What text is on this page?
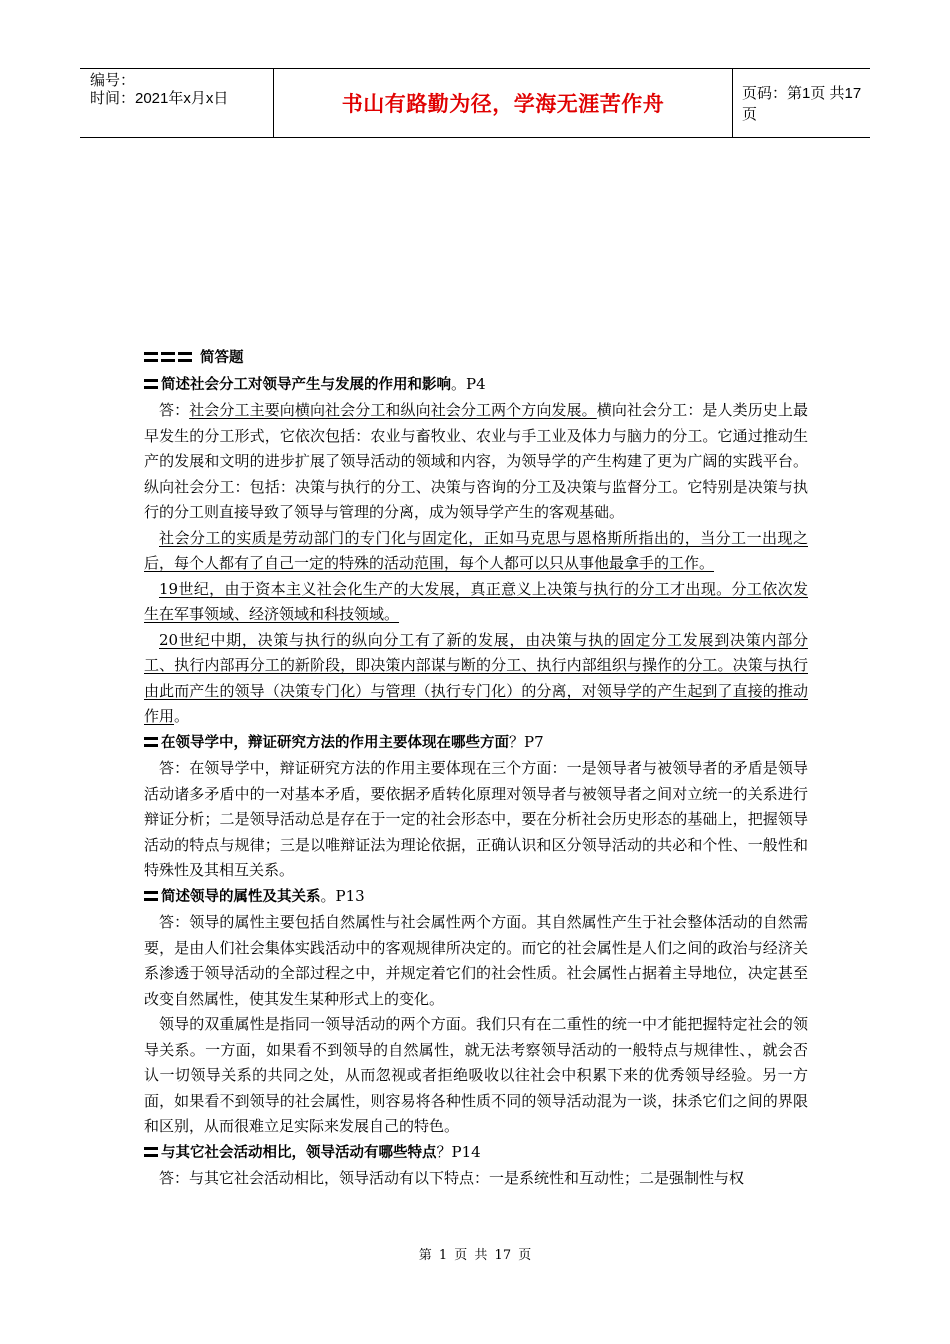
编号：
时间：2021年x月x日	书山有路勤为径，学海无涯苦作舟	页码：第1页 共17页

简答题

简述社会分工对领导产生与发展的作用和影响。P4

答：社会分工主要向横向社会分工和纵向社会分工两个方向发展。横向社会分工：是人类历史上最早发生的分工形式，它依次包括：农业与畜牧业、农业与手工业及体力与脑力的分工。它通过推动生产的发展和文明的进步扩展了领导活动的领域和内容，为领导学的产生构建了更为广阔的实践平台。纵向社会分工：包括：决策与执行的分工、决策与咨询的分工及决策与监督分工。它特别是决策与执行的分工则直接导致了领导与管理的分离，成为领导学产生的客观基础。

社会分工的实质是劳动部门的专门化与固定化，正如马克思与恩格斯所指出的，当分工一出现之后，每个人都有了自己一定的特殊的活动范围，每个人都可以只从事他最拿手的工作。

19世纪，由于资本主义社会化生产的大发展，真正意义上决策与执行的分工才出现。分工依次发生在军事领域、经济领域和科技领域。

20世纪中期，决策与执行的纵向分工有了新的发展，由决策与执的固定分工发展到决策内部分工、执行内部再分工的新阶段，即决策内部谋与断的分工、执行内部组织与操作的分工。决策与执行由此而产生的领导（决策专门化）与管理（执行专门化）的分离，对领导学的产生起到了直接的推动作用。

在领导学中，辩证研究方法的作用主要体现在哪些方面？P7

答：在领导学中，辩证研究方法的作用主要体现在三个方面：一是领导者与被领导者的矛盾是领导活动诸多矛盾中的一对基本矛盾，要依据矛盾转化原理对领导者与被领导者之间对立统一的关系进行辩证分析；二是领导活动总是存在于一定的社会形态中，要在分析社会历史形态的基础上，把握领导活动的特点与规律；三是以唯辩证法为理论依据，正确认识和区分领导活动的共必和个性、一般性和特殊性及其相互关系。

简述领导的属性及其关系。P13

答：领导的属性主要包括自然属性与社会属性两个方面。其自然属性产生于社会整体活动的自然需要，是由人们社会集体实践活动中的客观规律所决定的。而它的社会属性是人们之间的政治与经济关系渗透于领导活动的全部过程之中，并规定着它们的社会性质。社会属性占据着主导地位，决定甚至改变自然属性，使其发生某种形式上的变化。

领导的双重属性是指同一领导活动的两个方面。我们只有在二重性的统一中才能把握特定社会的领导关系。一方面，如果看不到领导的自然属性，就无法考察领导活动的一般特点与规律性、，就会否认一切领导关系的共同之处，从而忽视或者拒绝吸收以往社会中积累下来的优秀领导经验。另一方面，如果看不到领导的社会属性，则容易将各种性质不同的领导活动混为一谈，抹杀它们之间的界限和区别，从而很难立足实际来发展自己的特色。

与其它社会活动相比，领导活动有哪些特点？P14

答：与其它社会活动相比，领导活动有以下特点：一是系统性和互动性；二是强制性与权

第 1 页 共 17 页
